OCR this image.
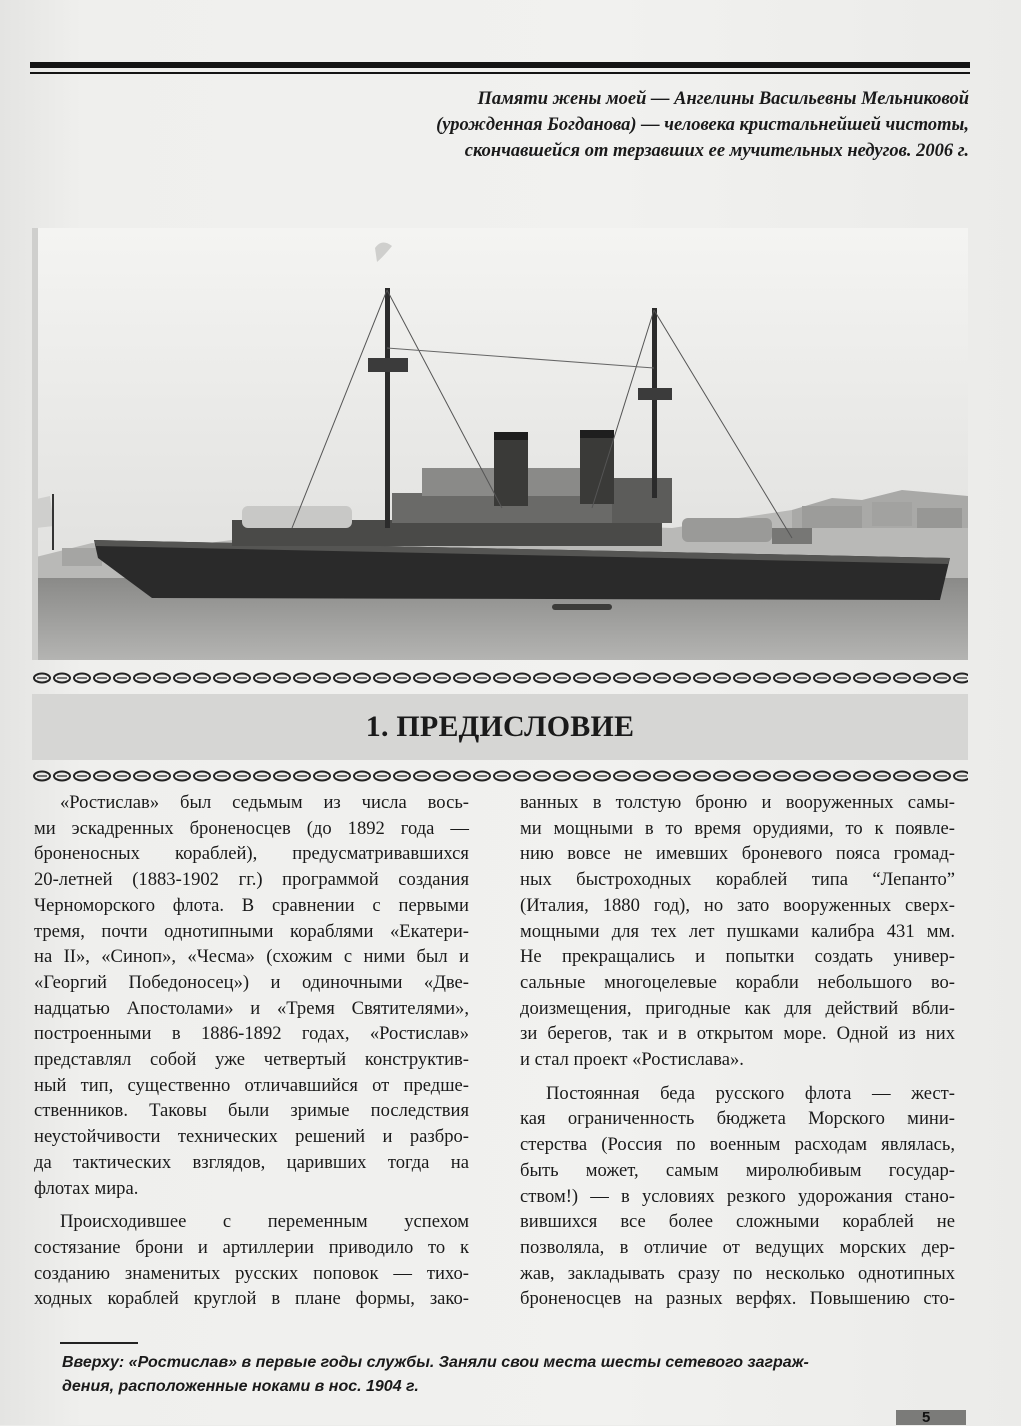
Памяти жены моей — Ангелины Васильевны Мельниковой
(урожденная Богданова) — человека кристальнейшей чистоты,
скончавшейся от терзавших ее мучительных недугов. 2006 г.
1. ПРЕДИСЛОВИЕ
«Ростислав» был седьмым из числа вось-
ми эскадренных броненосцев (до 1892 года —
броненосных кораблей), предусматривавшихся
20-летней (1883-1902 гг.) программой создания
Черноморского флота. В сравнении с первыми
тремя, почти однотипными кораблями «Екатери-
на II», «Синоп», «Чесма» (схожим с ними был и
«Георгий Победоносец») и одиночными «Две-
надцатью Апостолами» и «Тремя Святителями»,
построенными в 1886-1892 годах, «Ростислав»
представлял собой уже четвертый конструктив-
ный тип, существенно отличавшийся от предше-
ственников. Таковы были зримые последствия
неустойчивости технических решений и разбро-
да тактических взглядов, царивших тогда на
флотах мира.
Происходившее с переменным успехом
состязание брони и артиллерии приводило то к
созданию знаменитых русских поповок — тихо-
ходных кораблей круглой в плане формы, зако-
ванных в толстую броню и вооруженных самы-
ми мощными в то время орудиями, то к появле-
нию вовсе не имевших броневого пояса громад-
ных быстроходных кораблей типа “Лепанто”
(Италия, 1880 год), но зато вооруженных сверх-
мощными для тех лет пушками калибра 431 мм.
Не прекращались и попытки создать универ-
сальные многоцелевые корабли небольшого во-
доизмещения, пригодные как для действий вбли-
зи берегов, так и в открытом море. Одной из них
и стал проект «Ростислава».
Постоянная беда русского флота — жест-
кая ограниченность бюджета Морского мини-
стерства (Россия по военным расходам являлась,
быть может, самым миролюбивым государ-
ством!) — в условиях резкого удорожания стано-
вившихся все более сложными кораблей не
позволяла, в отличие от ведущих морских дер-
жав, закладывать сразу по несколько однотипных
броненосцев на разных верфях. Повышению сто-
Вверху: «Ростислав» в первые годы службы. Заняли свои места шесты сетевого заграж-
дения, расположенные ноками в нос. 1904 г.
5
